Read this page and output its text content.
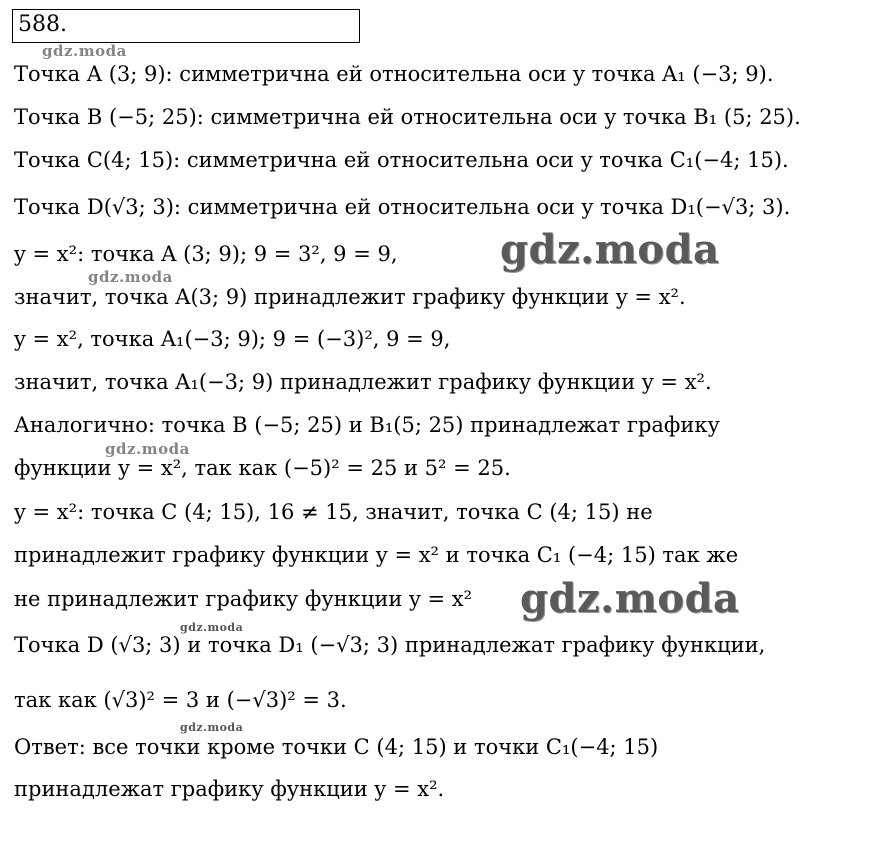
588.
Точка A (3; 9): симметрична ей относительна оси y точка A₁ (−3; 9).
Точка B (−5; 25): симметрична ей относительна оси y точка B₁ (5; 25).
Точка C(4; 15): симметрична ей относительна оси y точка C₁(−4; 15).
Точка D(√3; 3): симметрична ей относительна оси y точка D₁(−√3; 3).
y = x²: точка A (3; 9); 9 = 3², 9 = 9,
значит, точка A(3; 9) принадлежит графику функции y = x².
y = x², точка A₁(−3; 9); 9 = (−3)², 9 = 9,
значит, точка A₁(−3; 9) принадлежит графику функции y = x².
Аналогично: точка B (−5; 25) и B₁(5; 25) принадлежат графику
функции y = x², так как (−5)² = 25 и 5² = 25.
y = x²: точка C (4; 15), 16 ≠ 15, значит, точка C (4; 15) не
принадлежит графику функции y = x² и точка C₁ (−4; 15) так же
не принадлежит графику функции y = x²
Точка D (√3; 3) и точка D₁ (−√3; 3) принадлежат графику функции,
так как (√3)² = 3 и (−√3)² = 3.
Ответ: все точки кроме точки C (4; 15) и точки C₁(−4; 15)
принадлежат графику функции y = x².
gdz.moda
gdz.moda
gdz.moda
gdz.moda
gdz.moda
gdz.moda
gdz.moda
